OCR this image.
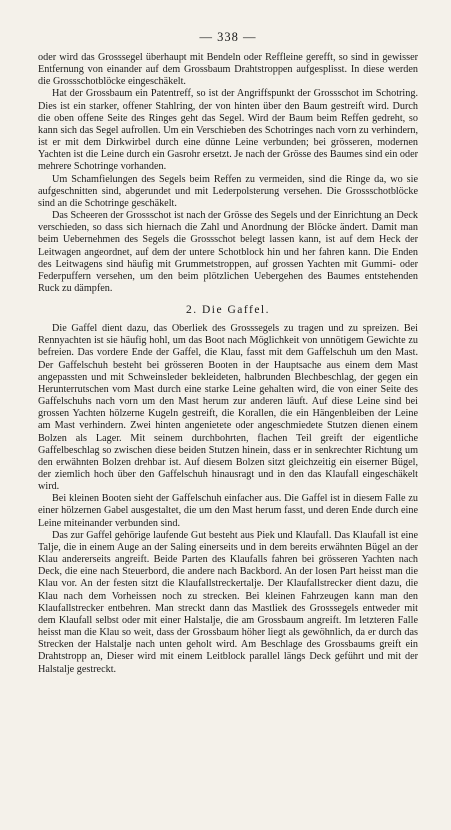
— 338 —

oder wird das Grosssegel überhaupt mit Bendeln oder Reffleine gerefft, so sind in gewisser Entfernung von einander auf dem Grossbaum Drahtstroppen aufgesplisst. In diese werden die Grossschotblöcke eingeschäkelt.

Hat der Grossbaum ein Patentreff, so ist der Angriffspunkt der Grossschot im Schotring. Dies ist ein starker, offener Stahlring, der von hinten über den Baum gestreift wird. Durch die oben offene Seite des Ringes geht das Segel. Wird der Baum beim Reffen gedreht, so kann sich das Segel aufrollen. Um ein Verschieben des Schotringes nach vorn zu verhindern, ist er mit dem Dirkwirbel durch eine dünne Leine verbunden; bei grösseren, modernen Yachten ist die Leine durch ein Gasrohr ersetzt. Je nach der Grösse des Baumes sind ein oder mehrere Schotringe vorhanden.

Um Schamfielungen des Segels beim Reffen zu vermeiden, sind die Ringe da, wo sie aufgeschnitten sind, abgerundet und mit Lederpolsterung versehen. Die Grossschotblöcke sind an die Schotringe geschäkelt.

Das Scheeren der Grossschot ist nach der Grösse des Segels und der Einrichtung an Deck verschieden, so dass sich hiernach die Zahl und Anordnung der Blöcke ändert. Damit man beim Uebernehmen des Segels die Grossschot belegt lassen kann, ist auf dem Heck der Leitwagen angeordnet, auf dem der untere Schotblock hin und her fahren kann. Die Enden des Leitwagens sind häufig mit Grummetstroppen, auf grossen Yachten mit Gummi- oder Federpuffern versehen, um den beim plötzlichen Uebergehen des Baumes entstehenden Ruck zu dämpfen.

2. Die Gaffel.

Die Gaffel dient dazu, das Oberliek des Grosssegels zu tragen und zu spreizen. Bei Rennyachten ist sie häufig hohl, um das Boot nach Möglichkeit von unnötigem Gewichte zu befreien. Das vordere Ende der Gaffel, die Klau, fasst mit dem Gaffelschuh um den Mast. Der Gaffelschuh besteht bei grösseren Booten in der Hauptsache aus einem dem Mast angepassten und mit Schweinsleder bekleideten, halbrunden Blechbeschlag, der gegen ein Herunterrutschen vom Mast durch eine starke Leine gehalten wird, die von einer Seite des Gaffelschuhs nach vorn um den Mast herum zur anderen läuft. Auf diese Leine sind bei grossen Yachten hölzerne Kugeln gestreift, die Korallen, die ein Hängenbleiben der Leine am Mast verhindern. Zwei hinten angenietete oder angeschmiedete Stutzen dienen einem Bolzen als Lager. Mit seinem durchbohrten, flachen Teil greift der eigentliche Gaffelbeschlag so zwischen diese beiden Stutzen hinein, dass er in senkrechter Richtung um den erwähnten Bolzen drehbar ist. Auf diesem Bolzen sitzt gleichzeitig ein eiserner Bügel, der ziemlich hoch über den Gaffelschuh hinausragt und in den das Klaufall eingeschäkelt wird.

Bei kleinen Booten sieht der Gaffelschuh einfacher aus. Die Gaffel ist in diesem Falle zu einer hölzernen Gabel ausgestaltet, die um den Mast herum fasst, und deren Ende durch eine Leine miteinander verbunden sind.

Das zur Gaffel gehörige laufende Gut besteht aus Piek und Klaufall. Das Klaufall ist eine Talje, die in einem Auge an der Saling einerseits und in dem bereits erwähnten Bügel an der Klau andererseits angreift. Beide Parten des Klaufalls fahren bei grösseren Yachten nach Deck, die eine nach Steuerbord, die andere nach Backbord. An der losen Part heisst man die Klau vor. An der festen sitzt die Klaufallstreckertalje. Der Klaufallstrecker dient dazu, die Klau nach dem Vorheissen noch zu strecken. Bei kleinen Fahrzeugen kann man den Klaufallstrecker entbehren. Man streckt dann das Mastliek des Grosssegels entweder mit dem Klaufall selbst oder mit einer Halstalje, die am Grossbaum angreift. Im letzteren Falle heisst man die Klau so weit, dass der Grossbaum höher liegt als gewöhnlich, da er durch das Strecken der Halstalje nach unten geholt wird. Am Beschlage des Grossbaums greift ein Drahtstropp an, Dieser wird mit einem Leitblock parallel längs Deck geführt und mit der Halstalje gestreckt.
